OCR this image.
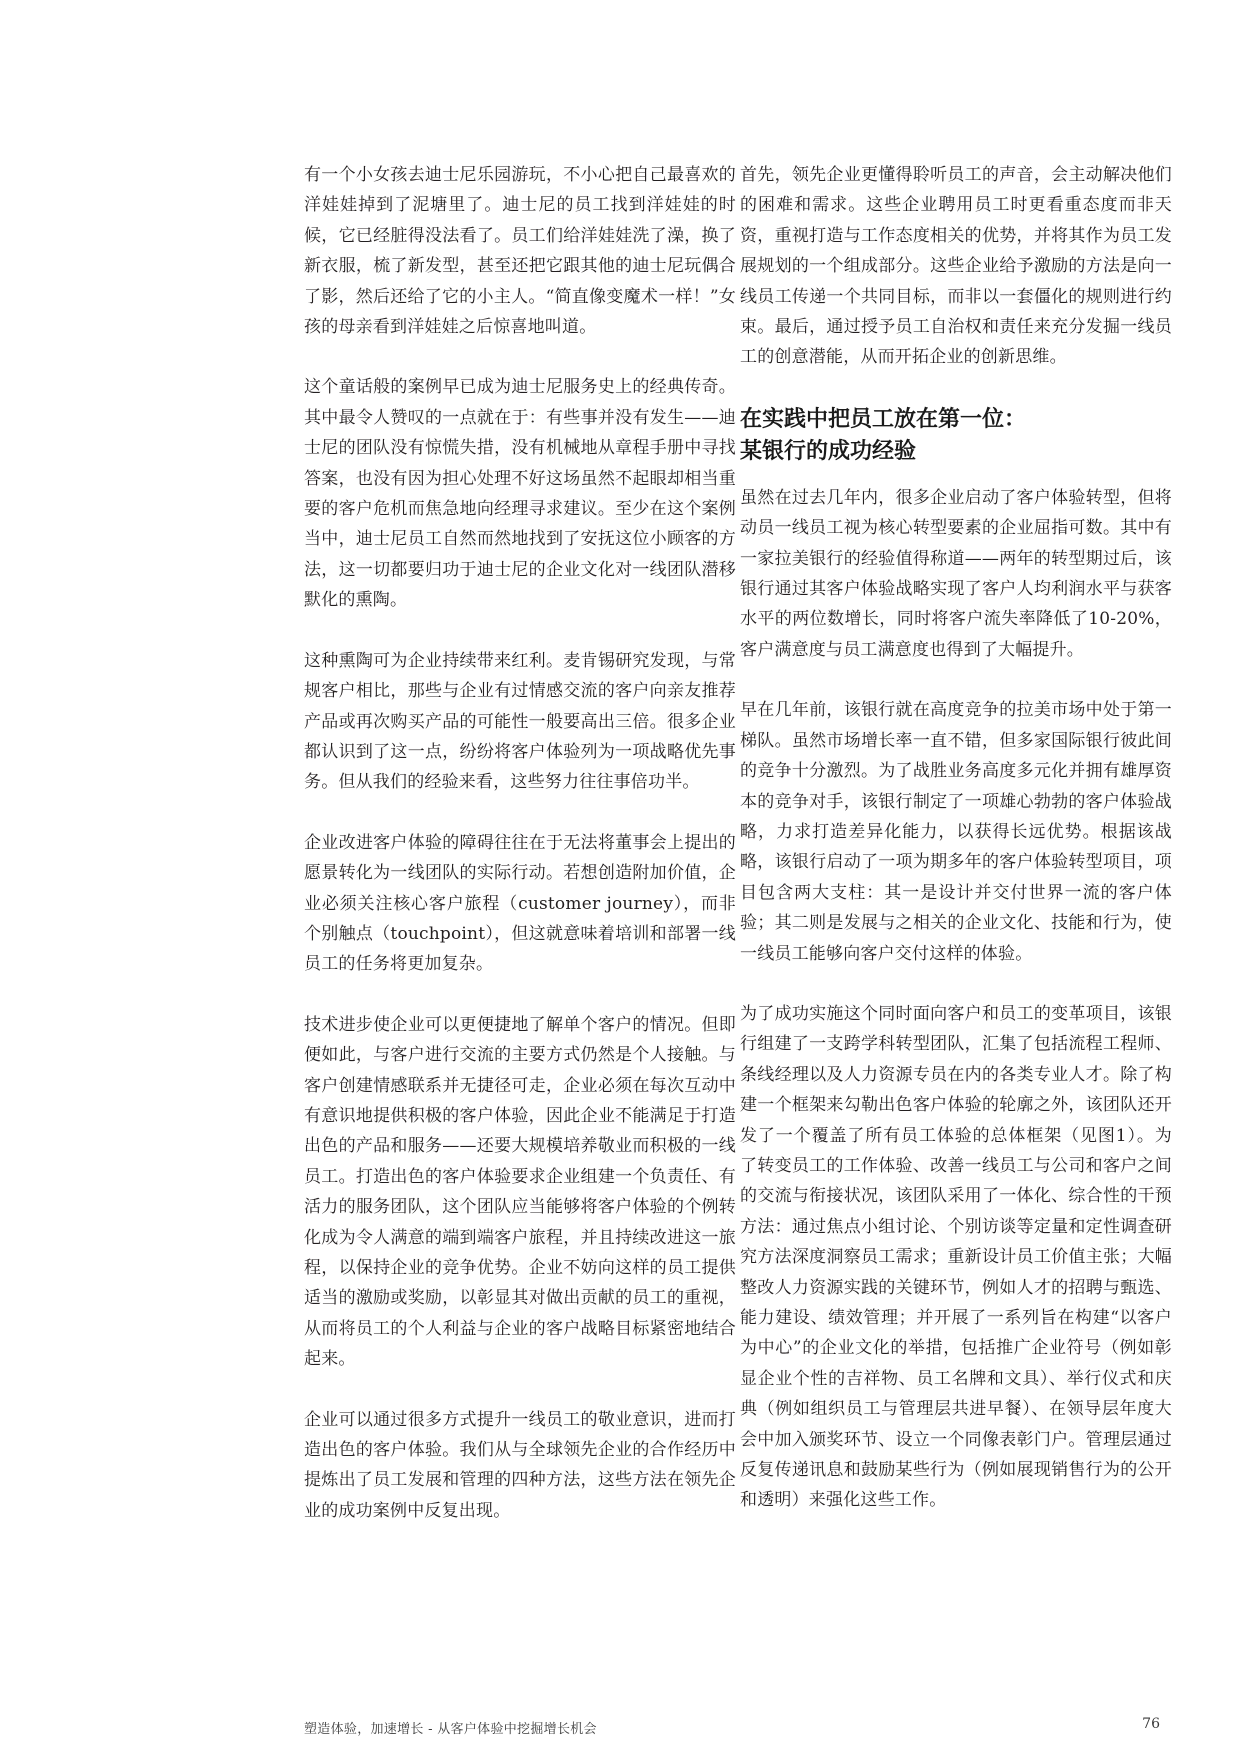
有一个小女孩去迪士尼乐园游玩，不小心把自己最喜欢的洋娃娃掉到了泥塘里了。迪士尼的员工找到洋娃娃的时候，它已经脏得没法看了。员工们给洋娃娃洗了澡，换了新衣服，梳了新发型，甚至还把它跟其他的迪士尼玩偶合了影，然后还给了它的小主人。“简直像变魔术一样！”女孩的母亲看到洋娃娃之后惊喜地叫道。

这个童话般的案例早已成为迪士尼服务史上的经典传奇。其中最令人赞叹的一点就在于：有些事并没有发生——迪士尼的团队没有惊慌失措，没有机械地从章程手册中寻找答案，也没有因为担心处理不好这场虽然不起眼却相当重要的客户危机而焦急地向经理寻求建议。至少在这个案例当中，迪士尼员工自然而然地找到了安抚这位小顾客的方法，这一切都要归功于迪士尼的企业文化对一线团队潜移默化的熏陶。

这种熏陶可为企业持续带来红利。麦肯锡研究发现，与常规客户相比，那些与企业有过情感交流的客户向亲友推荐产品或再次购买产品的可能性一般要高出三倍。很多企业都认识到了这一点，纷纷将客户体验列为一项战略优先事务。但从我们的经验来看，这些努力往往事倍功半。

企业改进客户体验的障碍往往在于无法将董事会上提出的愿景转化为一线团队的实际行动。若想创造附加价值，企业必须关注核心客户旅程（customer journey），而非个别触点（touchpoint），但这就意味着培训和部署一线员工的任务将更加复杂。

技术进步使企业可以更便捷地了解单个客户的情况。但即便如此，与客户进行交流的主要方式仍然是个人接触。与客户创建情感联系并无捷径可走，企业必须在每次互动中有意识地提供积极的客户体验，因此企业不能满足于打造出色的产品和服务——还要大规模培养敬业而积极的一线员工。打造出色的客户体验要求企业组建一个负责任、有活力的服务团队，这个团队应当能够将客户体验的个例转化成为令人满意的端到端客户旅程，并且持续改进这一旅程，以保持企业的竞争优势。企业不妨向这样的员工提供适当的激励或奖励，以彰显其对做出贡献的员工的重视，从而将员工的个人利益与企业的客户战略目标紧密地结合起来。

企业可以通过很多方式提升一线员工的敬业意识，进而打造出色的客户体验。我们从与全球领先企业的合作经历中提炼出了员工发展和管理的四种方法，这些方法在领先企业的成功案例中反复出现。

首先，领先企业更懂得聆听员工的声音，会主动解决他们的困难和需求。这些企业聘用员工时更看重态度而非天资，重视打造与工作态度相关的优势，并将其作为员工发展规划的一个组成部分。这些企业给予激励的方法是向一线员工传递一个共同目标，而非以一套僵化的规则进行约束。最后，通过授予员工自治权和责任来充分发掘一线员工的创意潜能，从而开拓企业的创新思维。

在实践中把员工放在第一位：
某银行的成功经验

虽然在过去几年内，很多企业启动了客户体验转型，但将动员一线员工视为核心转型要素的企业屈指可数。其中有一家拉美银行的经验值得称道——两年的转型期过后，该银行通过其客户体验战略实现了客户人均利润水平与获客水平的两位数增长，同时将客户流失率降低了10-20%，客户满意度与员工满意度也得到了大幅提升。

早在几年前，该银行就在高度竞争的拉美市场中处于第一梯队。虽然市场增长率一直不错，但多家国际银行彼此间的竞争十分激烈。为了战胜业务高度多元化并拥有雄厚资本的竞争对手，该银行制定了一项雄心勃勃的客户体验战略，力求打造差异化能力，以获得长远优势。根据该战略，该银行启动了一项为期多年的客户体验转型项目，项目包含两大支柱：其一是设计并交付世界一流的客户体验；其二则是发展与之相关的企业文化、技能和行为，使一线员工能够向客户交付这样的体验。

为了成功实施这个同时面向客户和员工的变革项目，该银行组建了一支跨学科转型团队，汇集了包括流程工程师、条线经理以及人力资源专员在内的各类专业人才。除了构建一个框架来勾勒出色客户体验的轮廓之外，该团队还开发了一个覆盖了所有员工体验的总体框架（见图1）。为了转变员工的工作体验、改善一线员工与公司和客户之间的交流与衔接状况，该团队采用了一体化、综合性的干预方法：通过焦点小组讨论、个别访谈等定量和定性调查研究方法深度洞察员工需求；重新设计员工价值主张；大幅整改人力资源实践的关键环节，例如人才的招聘与甄选、能力建设、绩效管理；并开展了一系列旨在构建“以客户为中心”的企业文化的举措，包括推广企业符号（例如彰显企业个性的吉祥物、员工名牌和文具）、举行仪式和庆典（例如组织员工与管理层共进早餐）、在领导层年度大会中加入颁奖环节、设立一个同像表彰门户。管理层通过反复传递讯息和鼓励某些行为（例如展现销售行为的公开和透明）来强化这些工作。

塑造体验，加速增长 - 从客户体验中挖掘增长机会	76
